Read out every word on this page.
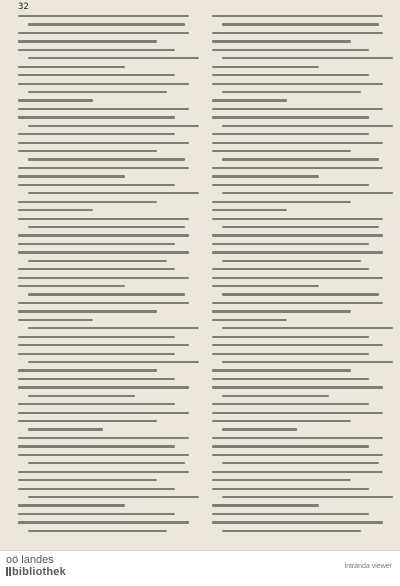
32
oö landes
bibliothek	intranda viewer
